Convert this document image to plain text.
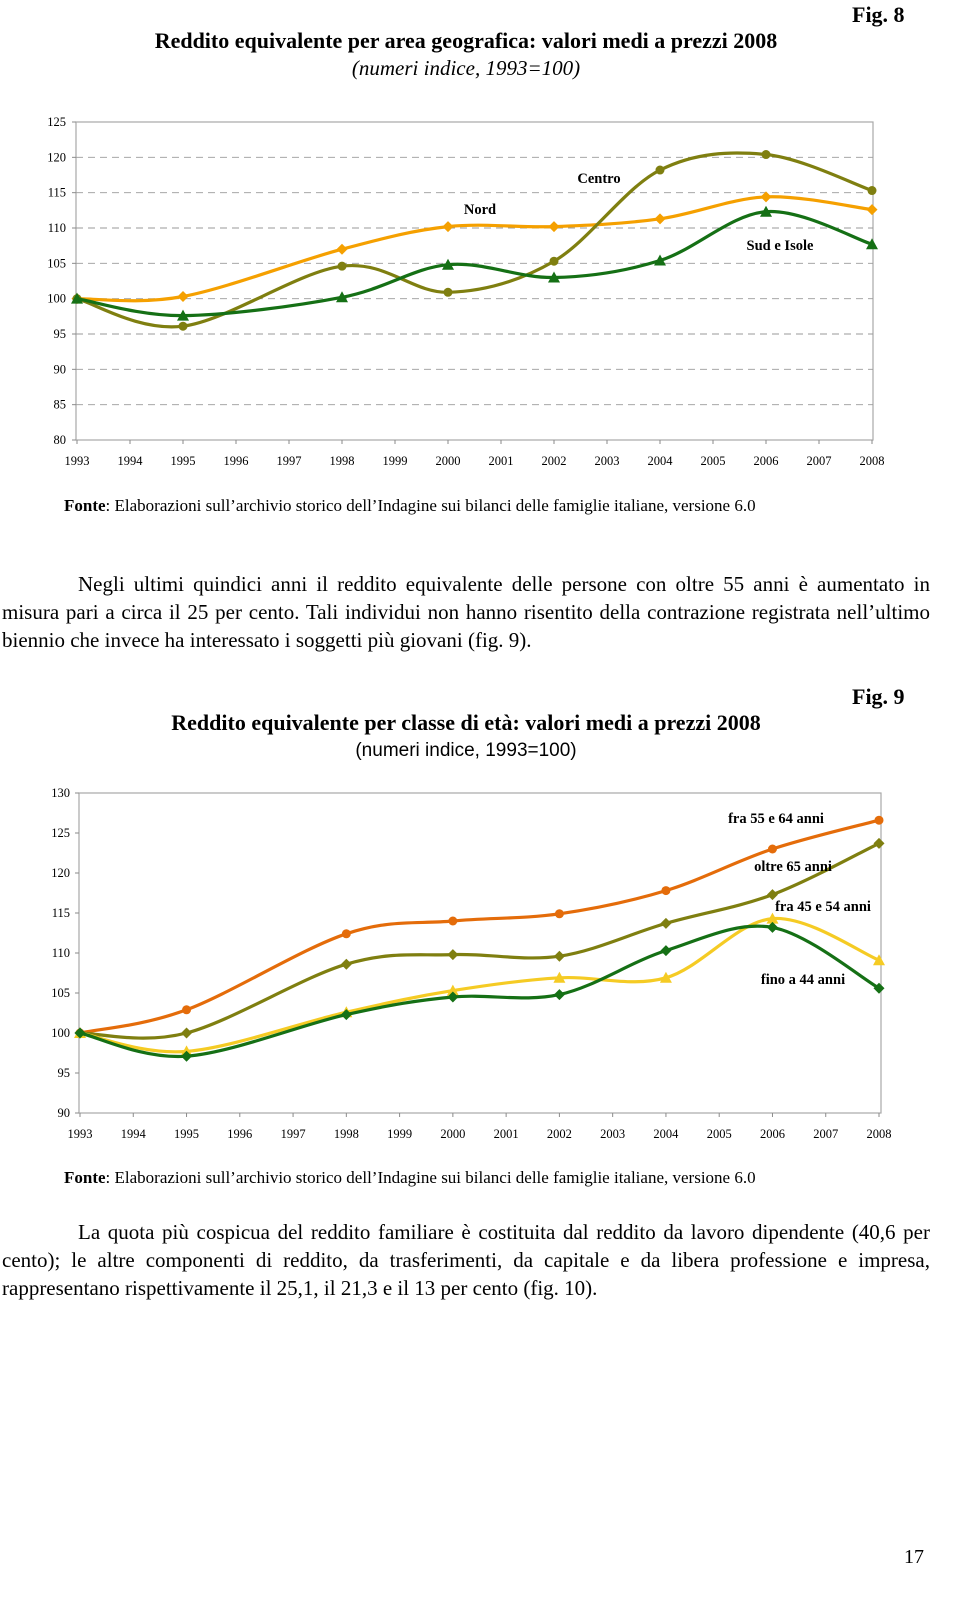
Fig. 8
Reddito equivalente per area geografica: valori medi a prezzi 2008
(numeri indice, 1993=100)
80
85
90
95
100
105
110
115
120
125
1993 1994 1995 1996 1997 1998 1999 2000 2001 2002 2003 2004 2005 2006 2007 2008
Nord
Centro
Sud e Isole
Fonte: Elaborazioni sull’archivio storico dell’Indagine sui bilanci delle famiglie italiane, versione 6.0
Negli ultimi quindici anni il reddito equivalente delle persone con oltre 55 anni è aumentato in misura pari a circa il 25 per cento. Tali individui non hanno risentito della contrazione registrata nell’ultimo biennio che invece ha interessato i soggetti più giovani (fig. 9).
Fig. 9
Reddito equivalente per classe di età: valori medi a prezzi 2008
(numeri indice, 1993=100)
90
95
100
105
110
115
120
125
130
1993 1994 1995 1996 1997 1998 1999 2000 2001 2002 2003 2004 2005 2006 2007 2008
fra 55 e 64 anni
oltre 65 anni
fra 45 e 54 anni
fino a 44 anni
Fonte: Elaborazioni sull’archivio storico dell’Indagine sui bilanci delle famiglie italiane, versione 6.0
La quota più cospicua del reddito familiare è costituita dal reddito da lavoro dipendente (40,6 per cento); le altre componenti di reddito, da trasferimenti, da capitale e da libera professione e impresa, rappresentano rispettivamente il 25,1, il 21,3 e il 13 per cento (fig. 10).
17
